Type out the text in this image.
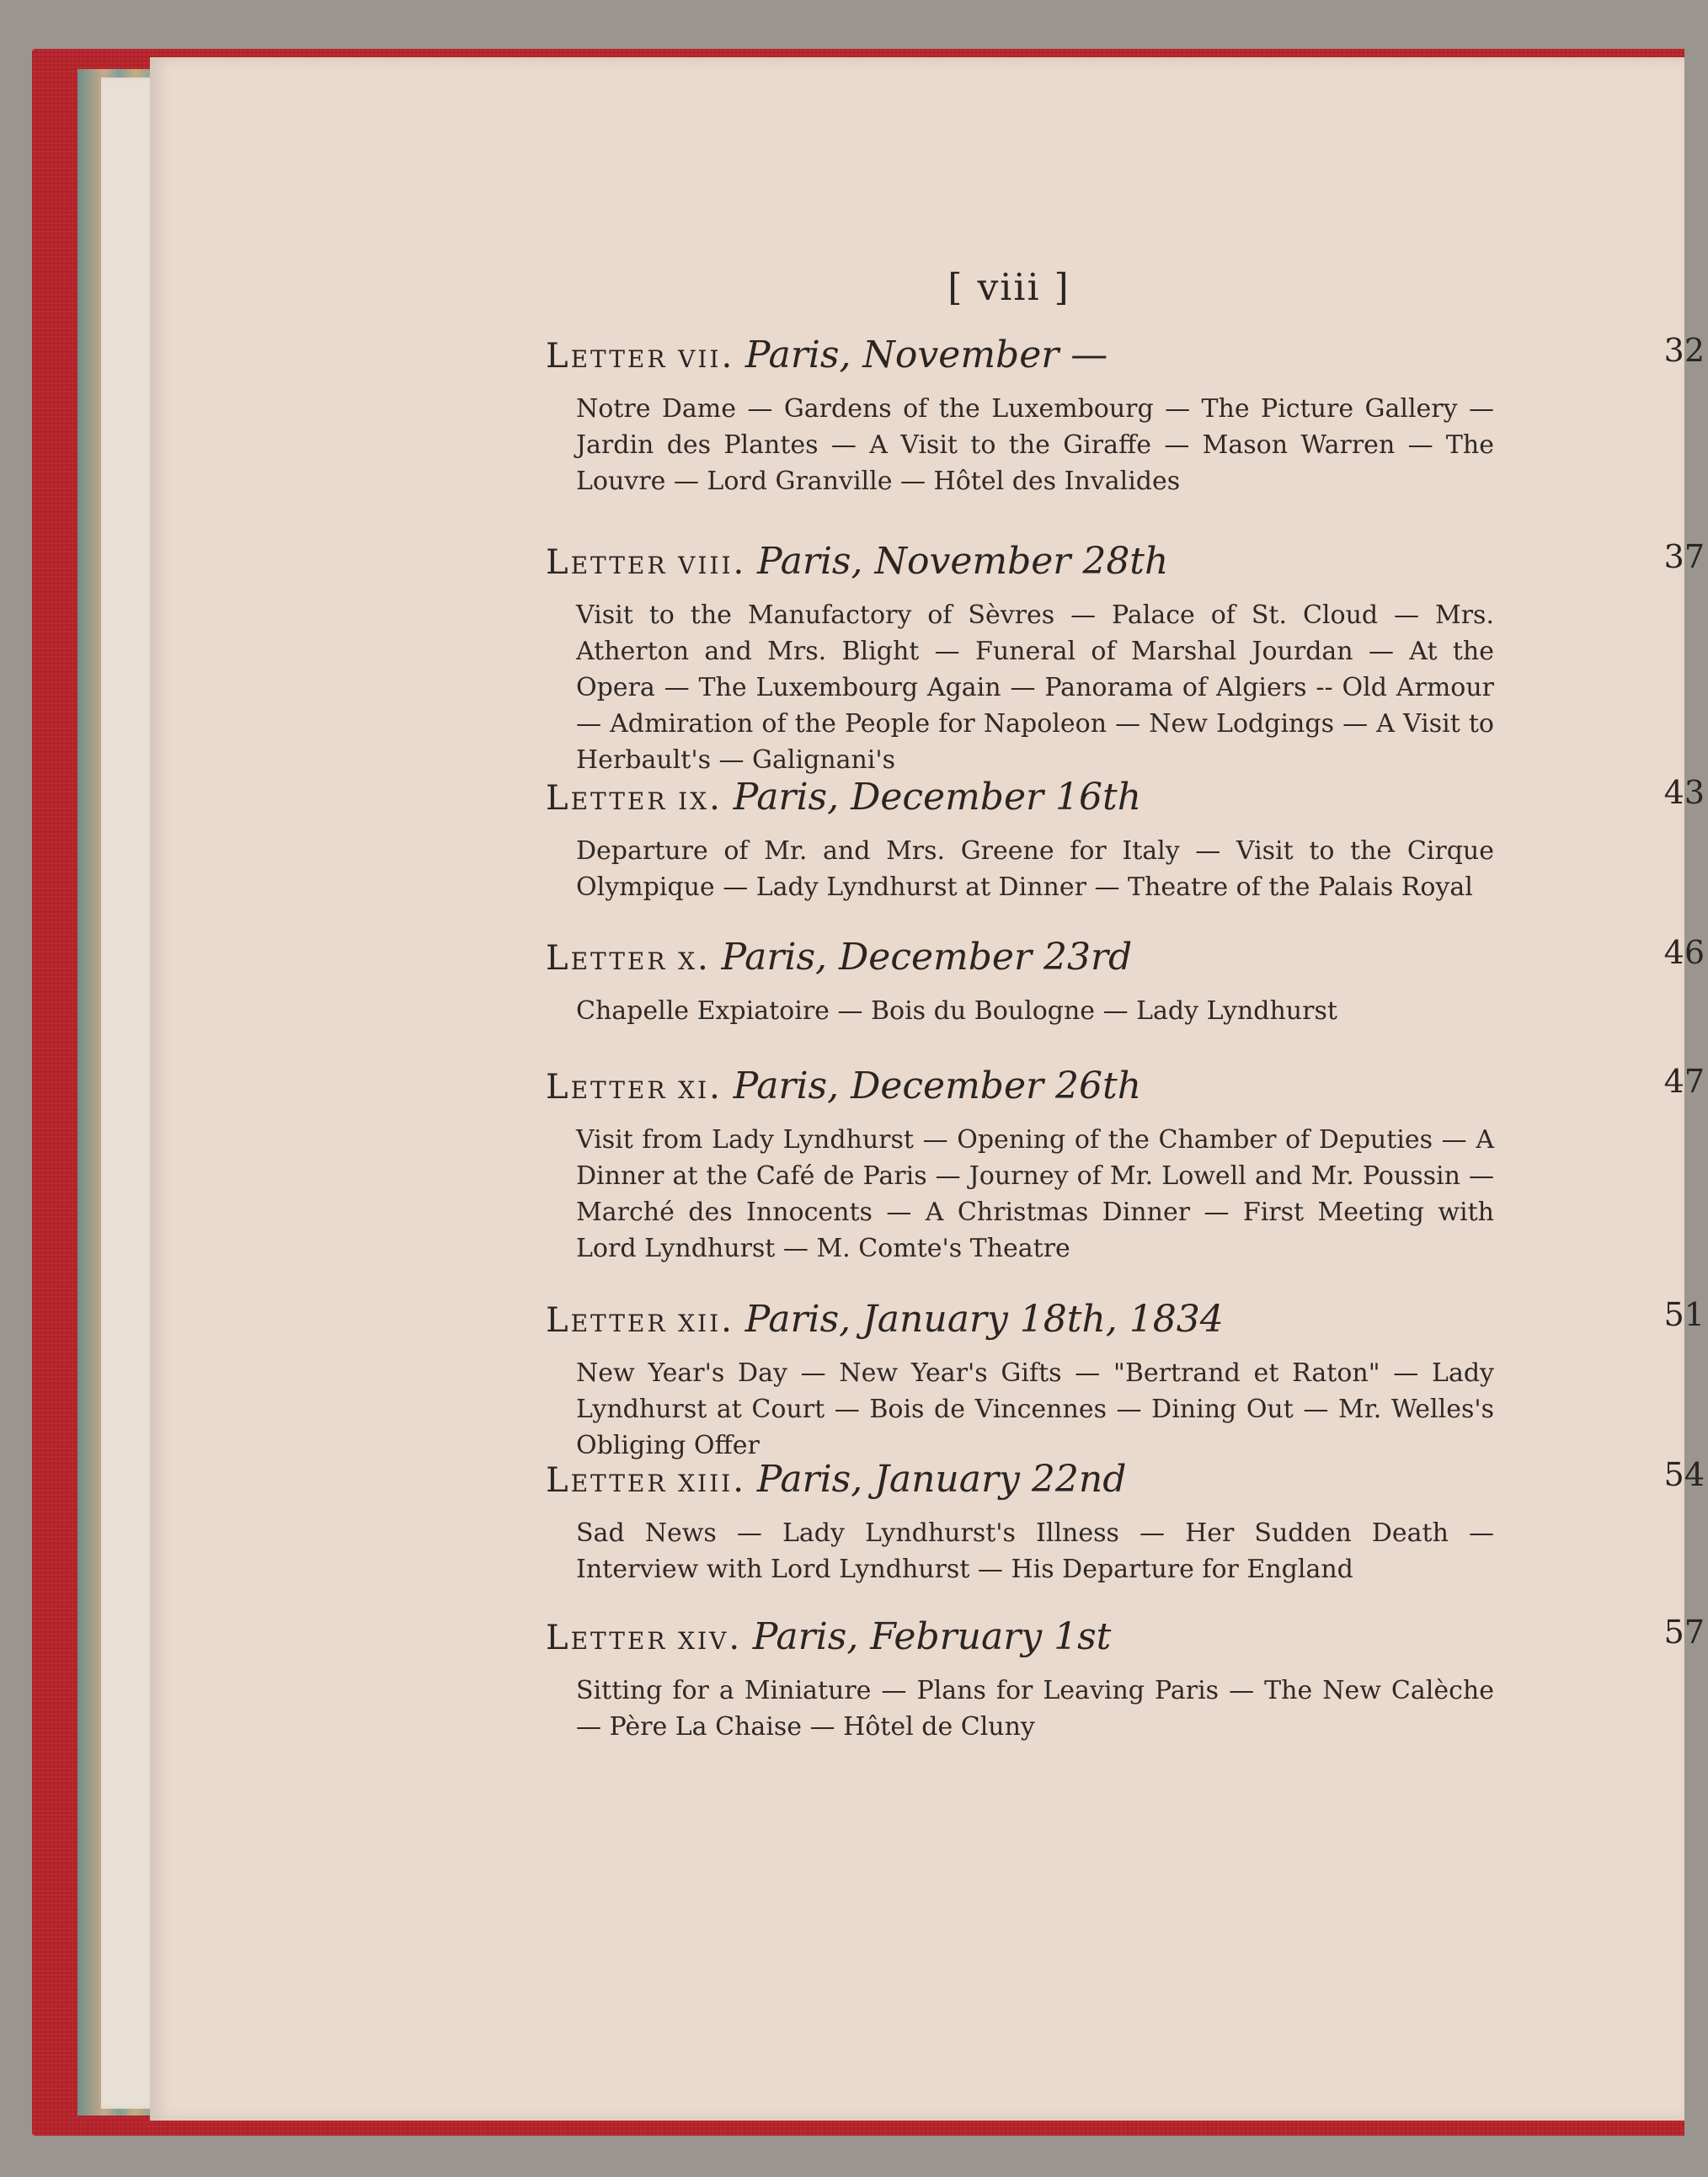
[ viii ]
Letter vii. Paris, November —	32
Notre Dame — Gardens of the Luxembourg — The Picture Gallery — Jardin des Plantes — A Visit to the Giraffe — Mason Warren — The Louvre — Lord Granville — Hôtel des Invalides
Letter viii. Paris, November 28th	37
Visit to the Manufactory of Sèvres — Palace of St. Cloud — Mrs. Atherton and Mrs. Blight — Funeral of Marshal Jourdan — At the Opera — The Luxembourg Again — Panorama of Algiers -- Old Armour — Admiration of the People for Napoleon — New Lodgings — A Visit to Herbault's — Galignani's
Letter ix. Paris, December 16th	43
Departure of Mr. and Mrs. Greene for Italy — Visit to the Cirque Olympique — Lady Lyndhurst at Dinner — Theatre of the Palais Royal
Letter x. Paris, December 23rd	46
Chapelle Expiatoire — Bois du Boulogne — Lady Lyndhurst
Letter xi. Paris, December 26th	47
Visit from Lady Lyndhurst — Opening of the Chamber of Deputies — A Dinner at the Café de Paris — Journey of Mr. Lowell and Mr. Poussin — Marché des Innocents — A Christmas Dinner — First Meeting with Lord Lyndhurst — M. Comte's Theatre
Letter xii. Paris, January 18th, 1834	51
New Year's Day — New Year's Gifts — "Bertrand et Raton" — Lady Lyndhurst at Court — Bois de Vincennes — Dining Out — Mr. Welles's Obliging Offer
Letter xiii. Paris, January 22nd	54
Sad News — Lady Lyndhurst's Illness — Her Sudden Death — Interview with Lord Lyndhurst — His Departure for England
Letter xiv. Paris, February 1st	57
Sitting for a Miniature — Plans for Leaving Paris — The New Calèche — Père La Chaise — Hôtel de Cluny
